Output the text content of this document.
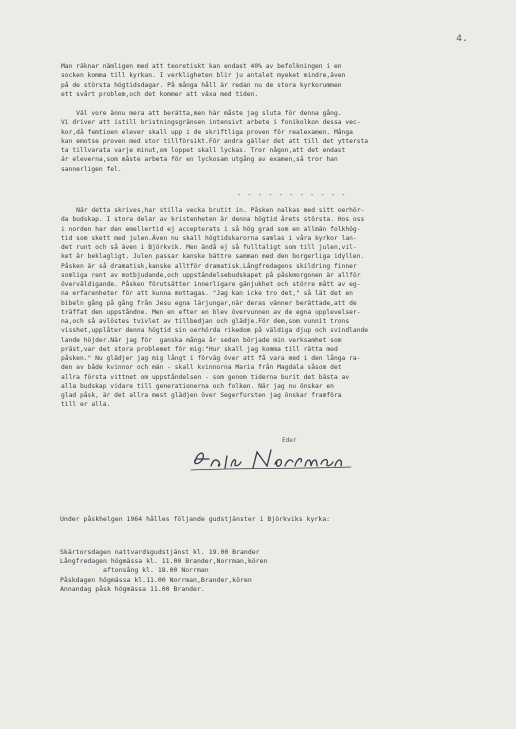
4.
Man räknar nämligen med att teoretiskt kan endast 40% av befolkningen i en
socken komma till kyrkan. I verkligheten blir ju antalet myeket mindre,även
på de största högtidsdagar. På många håll är redan nu de stora kyrkorummen
ett svårt problem,och det kommer att växa med tiden.
Väl vore ännu mera att berätta,men här måste jag sluta för denna gång.
Vi driver att istill bristningsgränsen intensivt arbete i fonikolkon dessa vec-
kor,då femtioen elever skall upp i de skriftliga proven för realexamen. Många
kan emotse proven med stor tillförsikt.För andra gäller det att till det yttersta
ta tillvarata varje minut,om loppet skall lyckas. Tror någon,att det endast
är eleverna,som måste arbeta för en lyckosam utgång av examen,så tror han
sannerligen fel.
- - - - - - - - - - -
När detta skrives,har stilla vecka brutit in. Påsken nalkas med sitt oerhör-
da budskap. I stora delar av kristenheten är denna högtid årets största. Hos oss
i norden har den emellertid ej accepterats i så hög grad som en allmän folkhög-
tid som skett med julen.Även nu skall högtidskarorna samlas i våra kyrkor lan-
det runt och så även i Björkvik. Men ändå ej så fulltaligt som till julen,vil-
ket är beklagligt. Julen passar kanske bättre samman med den borgerliga idyllen.
Påsken är så dramatisk,kanske alltför dramatisk.Långfredagens skildring finner
somliga rent av motbjudande,och uppståndelsebudskapet på påskmorgonen är allför
överväldigande. Påsken förutsätter innerligare gänjukhet och större mått av eg-
na erfarenheter för att kunna mottagas. "Jag kan icke tro det," så lät det en
bibeln gång på gång från Jesu egna lärjungar,när deras vänner berättade,att de
träffat den uppståndne. Men en efter en blev övervunnen av de egna upplevelser-
na,och så avlöstes tvivlet av tillbedjan och glädje.För dem,som vunnit trons
visshet,upplåter denna högtid sin oerhörda rikedom på väldiga djup och svindlande
lande höjder.När jag för  ganska många år sedan började min verksamhet som
präst,var det stora problemet för mig:"Hur skall jag komma till rätta med
påsken." Nu glädjer jag mig långt i förväg över att få vara med i den långa ra-
den av både kvinnor och män - skall kvinnorna Maria från Magdala såsom det
allra första vittnet om uppståndelsen - som genom tiderna burit det bästa av
alla budskap vidare till generationerna och folken. När jag nu önskar en
glad påsk, är det allra mest glädjen över Segerfursten jag önskar framföra
till er alla.
Eder

Under påskhelgen 1964 hålles följande gudstjänster i Björkviks kyrka:

Skärtorsdagen nattvardsgudstjänst kl. 19.00 Brander
Långfredagen högmässa kl. 11.00 Brander,Norrman,kören
aftonsång kl. 18.00 Norrman
Påskdagen högmässa kl.11.00 Norrman,Brander,kören
Annandag påsk högmässa 11.00 Brander.
